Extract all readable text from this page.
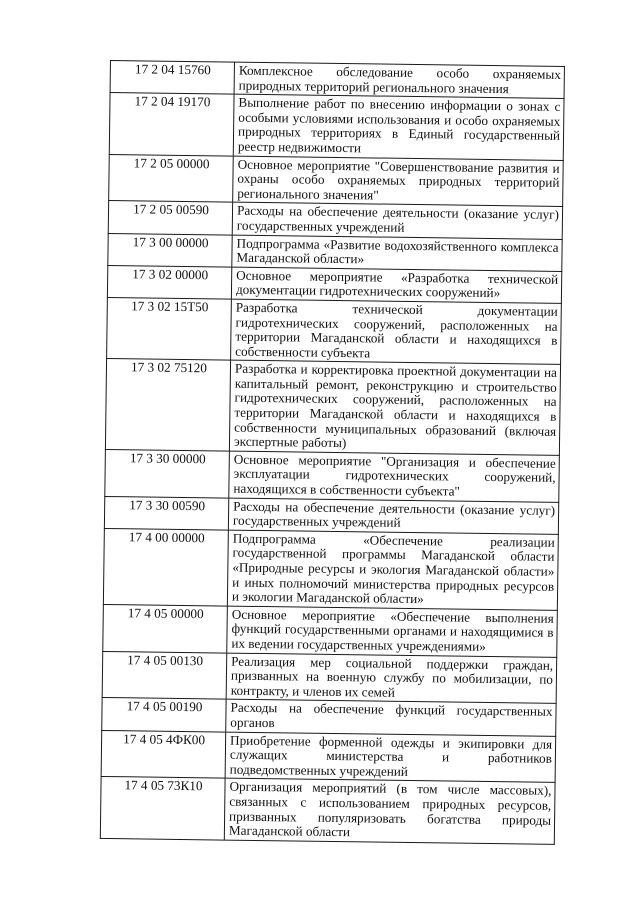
17 2 04 15760	Комплексное обследование особо охраняемых природных территорий регионального значения
17 2 04 19170	Выполнение работ по внесению информации о зонах с особыми условиями использования и особо охраняемых природных территориях в Единый государственный реестр недвижимости
17 2 05 00000	Основное мероприятие "Совершенствование развития и охраны особо охраняемых природных территорий регионального значения"
17 2 05 00590	Расходы на обеспечение деятельности (оказание услуг) государственных учреждений
17 3 00 00000	Подпрограмма «Развитие водохозяйственного комплекса Магаданской области»
17 3 02 00000	Основное мероприятие «Разработка технической документации гидротехнических сооружений»
17 3 02 15Т50	Разработка технической документации гидротехнических сооружений, расположенных на территории Магаданской области и находящихся в собственности субъекта
17 3 02 75120	Разработка и корректировка проектной документации на капитальный ремонт, реконструкцию и строительство гидротехнических сооружений, расположенных на территории Магаданской области и находящихся в собственности муниципальных образований (включая экспертные работы)
17 3 30 00000	Основное мероприятие "Организация и обеспечение эксплуатации гидротехнических сооружений, находящихся в собственности субъекта"
17 3 30 00590	Расходы на обеспечение деятельности (оказание услуг) государственных учреждений
17 4 00 00000	Подпрограмма «Обеспечение реализации государственной программы Магаданской области «Природные ресурсы и экология Магаданской области» и иных полномочий министерства природных ресурсов и экологии Магаданской области»
17 4 05 00000	Основное мероприятие «Обеспечение выполнения функций государственными органами и находящимися в их ведении государственных учреждениями»
17 4 05 00130	Реализация мер социальной поддержки граждан, призванных на военную службу по мобилизации, по контракту, и членов их семей
17 4 05 00190	Расходы на обеспечение функций государственных органов
17 4 05 4ФК00	Приобретение форменной одежды и экипировки для служащих министерства и работников подведомственных учреждений
17 4 05 73К10	Организация мероприятий (в том числе массовых), связанных с использованием природных ресурсов, призванных популяризовать богатства природы Магаданской области
